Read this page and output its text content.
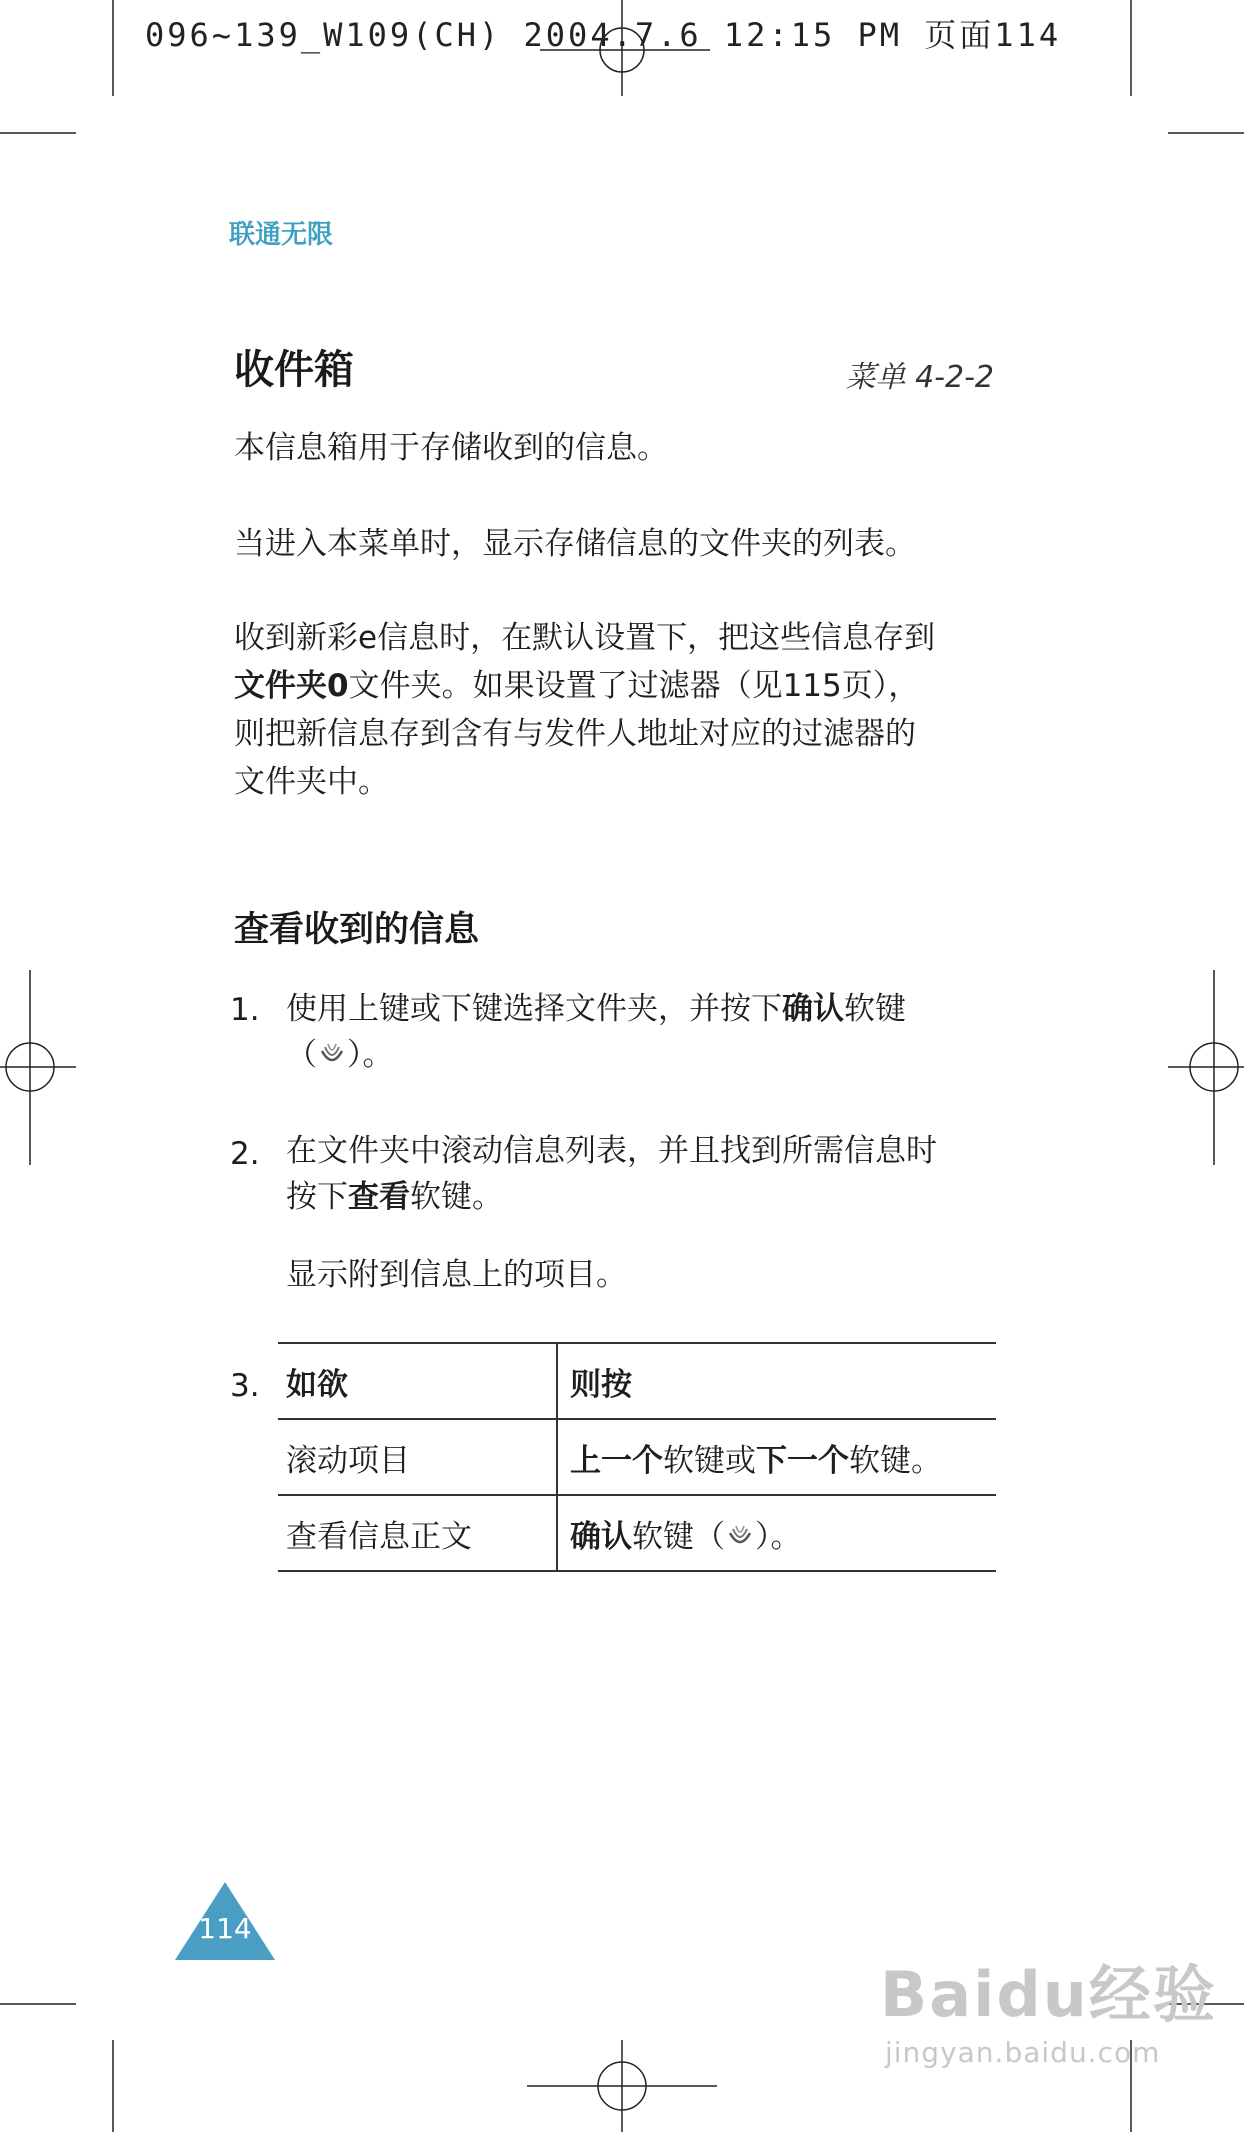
096~139_W109(CH) 2004.7.6 12:15 PM 页面114
联通无限
收件箱	菜单 4-2-2
本信息箱用于存储收到的信息。
当进入本菜单时，显示存储信息的文件夹的列表。
收到新彩e信息时，在默认设置下，把这些信息存到
文件夹0文件夹。如果设置了过滤器（见115页），
则把新信息存到含有与发件人地址对应的过滤器的
文件夹中。
查看收到的信息
1. 使用上键或下键选择文件夹，并按下确认软键
（ ）。
2. 在文件夹中滚动信息列表，并且找到所需信息时
按下查看软键。
显示附到信息上的项目。
3. 如欲	则按
滚动项目	上一个软键或下一个软键。
查看信息正文	确认软键（ ）。
114
Baidu经验
jingyan.baidu.com
